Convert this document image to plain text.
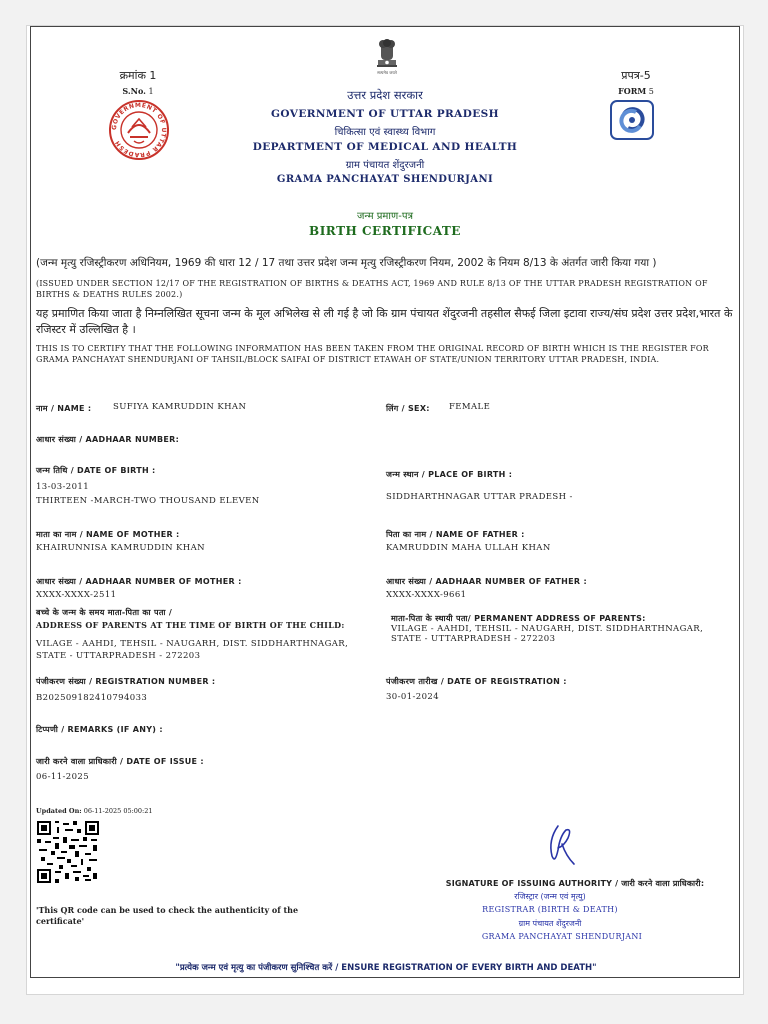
सत्यमेव जयते
क्रमांक 1
S.No. 1
GOVERNMENT OF UTTAR PRADESH
प्रपत्र-5
FORM 5
उत्तर प्रदेश सरकार
GOVERNMENT OF UTTAR PRADESH
चिकित्सा एवं स्वास्थ्य विभाग
DEPARTMENT OF MEDICAL AND HEALTH
ग्राम पंचायत शेंदुरजनी
GRAMA PANCHAYAT SHENDURJANI
जन्म प्रमाण-पत्र
BIRTH CERTIFICATE
(जन्म मृत्यु रजिस्ट्रीकरण अधिनियम, 1969 की धारा 12 / 17 तथा उत्तर प्रदेश जन्म मृत्यु रजिस्ट्रीकरण नियम, 2002 के नियम 8/13 के अंतर्गत जारी किया गया )
(ISSUED UNDER SECTION 12/17 OF THE REGISTRATION OF BIRTHS & DEATHS ACT, 1969 AND RULE 8/13 OF THE UTTAR PRADESH REGISTRATION OF BIRTHS & DEATHS RULES 2002.)
यह प्रमाणित किया जाता है निम्नलिखित सूचना जन्म के मूल अभिलेख से ली गई है जो कि ग्राम पंचायत शेंदुरजनी तहसील सैफई जिला इटावा राज्य/संघ प्रदेश उत्तर प्रदेश,भारत के रजिस्टर में उल्लिखित है ।
THIS IS TO CERTIFY THAT THE FOLLOWING INFORMATION HAS BEEN TAKEN FROM THE ORIGINAL RECORD OF BIRTH WHICH IS THE REGISTER FOR GRAMA PANCHAYAT SHENDURJANI OF TAHSIL/BLOCK SAIFAI OF DISTRICT ETAWAH OF STATE/UNION TERRITORY UTTAR PRADESH, INDIA.
नाम / NAME :	SUFIYA KAMRUDDIN KHAN
आधार संख्या / AADHAAR NUMBER:
जन्म तिथि / DATE OF BIRTH :
13-03-2011
THIRTEEN -MARCH-TWO THOUSAND ELEVEN
माता का नाम / NAME OF MOTHER :
KHAIRUNNISA KAMRUDDIN KHAN
आधार संख्या / AADHAAR NUMBER OF MOTHER :
XXXX-XXXX-2511
बच्चे के जन्म के समय माता-पिता का पता /
ADDRESS OF PARENTS AT THE TIME OF BIRTH OF THE CHILD:
VILAGE - AAHDI, TEHSIL - NAUGARH, DIST. SIDDHARTHNAGAR, STATE - UTTARPRADESH - 272203
पंजीकरण संख्या / REGISTRATION NUMBER :
B2025091824107940​33
टिप्पणी / REMARKS (IF ANY) :
जारी करने वाला प्राधिकारी / DATE OF ISSUE :
06-11-2025
लिंग / SEX: FEMALE
जन्म स्थान / PLACE OF BIRTH :
SIDDHARTHNAGAR UTTAR PRADESH -
पिता का नाम / NAME OF FATHER :
KAMRUDDIN MAHA ULLAH KHAN
आधार संख्या / AADHAAR NUMBER OF FATHER :
XXXX-XXXX-9661
माता-पिता के स्थायी पता/ PERMANENT ADDRESS OF PARENTS:
VILAGE - AAHDI, TEHSIL - NAUGARH, DIST. SIDDHARTHNAGAR, STATE - UTTARPRADESH - 272203
पंजीकरण तारीख / DATE OF REGISTRATION :
30-01-2024
Updated On: 06-11-2025 05:00:21
'This QR code can be used to check the authenticity of the certificate'
SIGNATURE OF ISSUING AUTHORITY / जारी करने वाला प्राधिकारी:
रजिस्ट्रार (जन्म एवं मृत्यु)
REGISTRAR (BIRTH & DEATH)
ग्राम पंचायत शेंदुरजनी
GRAMA PANCHAYAT SHENDURJANI
"प्रत्येक जन्म एवं मृत्यु का पंजीकरण सुनिश्चित करें / ENSURE REGISTRATION OF EVERY BIRTH AND DEATH"
